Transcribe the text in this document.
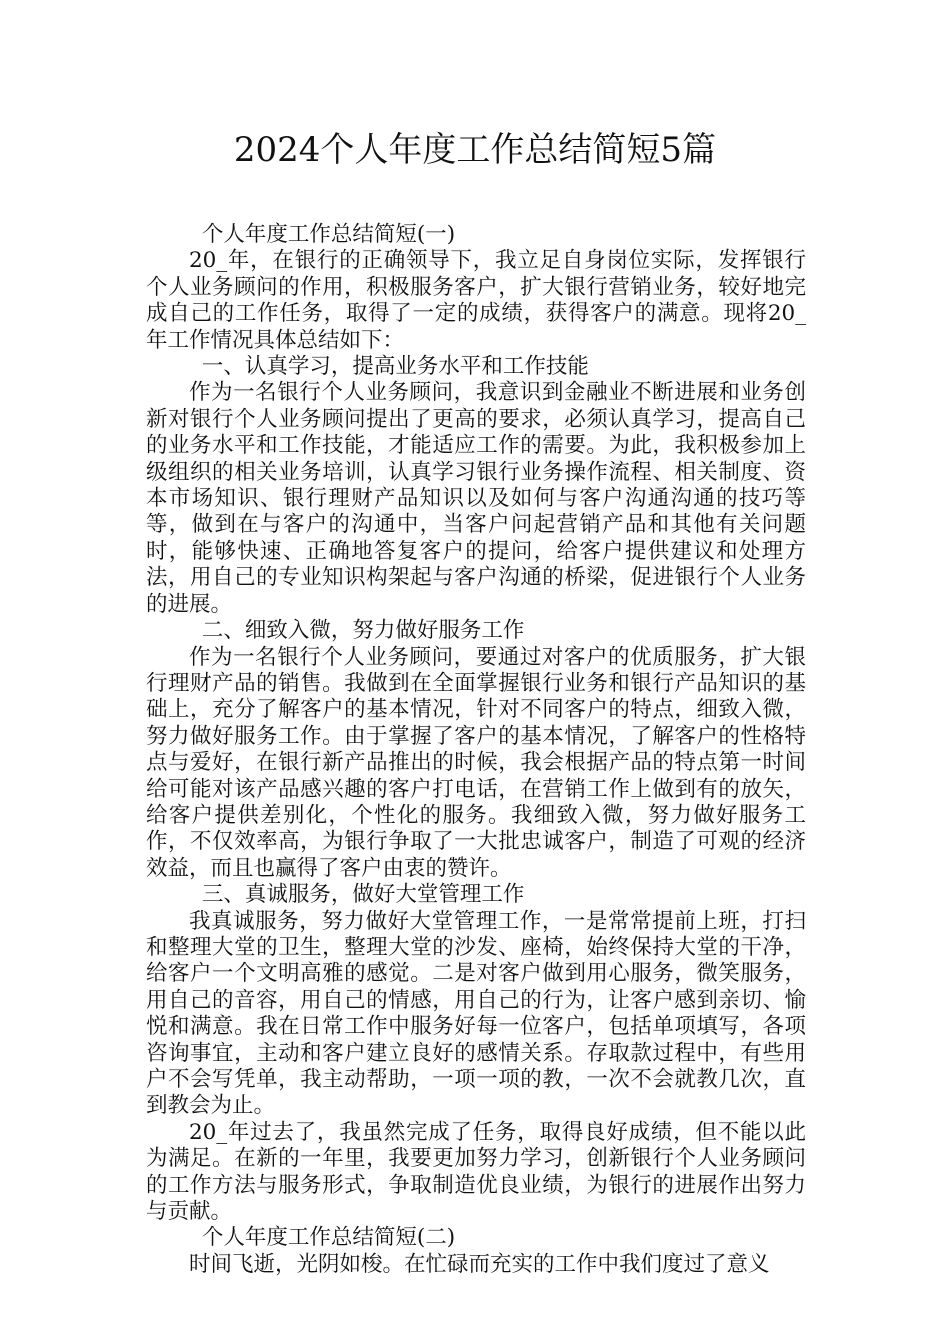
2024个人年度工作总结简短5篇

个人年度工作总结简短(一)

20_年，在银行的正确领导下，我立足自身岗位实际，发挥银行个人业务顾问的作用，积极服务客户，扩大银行营销业务，较好地完成自己的工作任务，取得了一定的成绩，获得客户的满意。现将20_年工作情况具体总结如下：

一、认真学习，提高业务水平和工作技能

作为一名银行个人业务顾问，我意识到金融业不断进展和业务创新对银行个人业务顾问提出了更高的要求，必须认真学习，提高自己的业务水平和工作技能，才能适应工作的需要。为此，我积极参加上级组织的相关业务培训，认真学习银行业务操作流程、相关制度、资本市场知识、银行理财产品知识以及如何与客户沟通沟通的技巧等等，做到在与客户的沟通中，当客户问起营销产品和其他有关问题时，能够快速、正确地答复客户的提问，给客户提供建议和处理方法，用自己的专业知识构架起与客户沟通的桥梁，促进银行个人业务的进展。

二、细致入微，努力做好服务工作

作为一名银行个人业务顾问，要通过对客户的优质服务，扩大银行理财产品的销售。我做到在全面掌握银行业务和银行产品知识的基础上，充分了解客户的基本情况，针对不同客户的特点，细致入微，努力做好服务工作。由于掌握了客户的基本情况，了解客户的性格特点与爱好，在银行新产品推出的时候，我会根据产品的特点第一时间给可能对该产品感兴趣的客户打电话，在营销工作上做到有的放矢，给客户提供差别化，个性化的服务。我细致入微，努力做好服务工作，不仅效率高，为银行争取了一大批忠诚客户，制造了可观的经济效益，而且也赢得了客户由衷的赞许。

三、真诚服务，做好大堂管理工作

我真诚服务，努力做好大堂管理工作，一是常常提前上班，打扫和整理大堂的卫生，整理大堂的沙发、座椅，始终保持大堂的干净，给客户一个文明高雅的感觉。二是对客户做到用心服务，微笑服务，用自己的音容，用自己的情感，用自己的行为，让客户感到亲切、愉悦和满意。我在日常工作中服务好每一位客户，包括单项填写，各项咨询事宜，主动和客户建立良好的感情关系。存取款过程中，有些用户不会写凭单，我主动帮助，一项一项的教，一次不会就教几次，直到教会为止。

20_年过去了，我虽然完成了任务，取得良好成绩，但不能以此为满足。在新的一年里，我要更加努力学习，创新银行个人业务顾问的工作方法与服务形式，争取制造优良业绩，为银行的进展作出努力与贡献。

个人年度工作总结简短(二)

时间飞逝，光阴如梭。在忙碌而充实的工作中我们度过了意义
